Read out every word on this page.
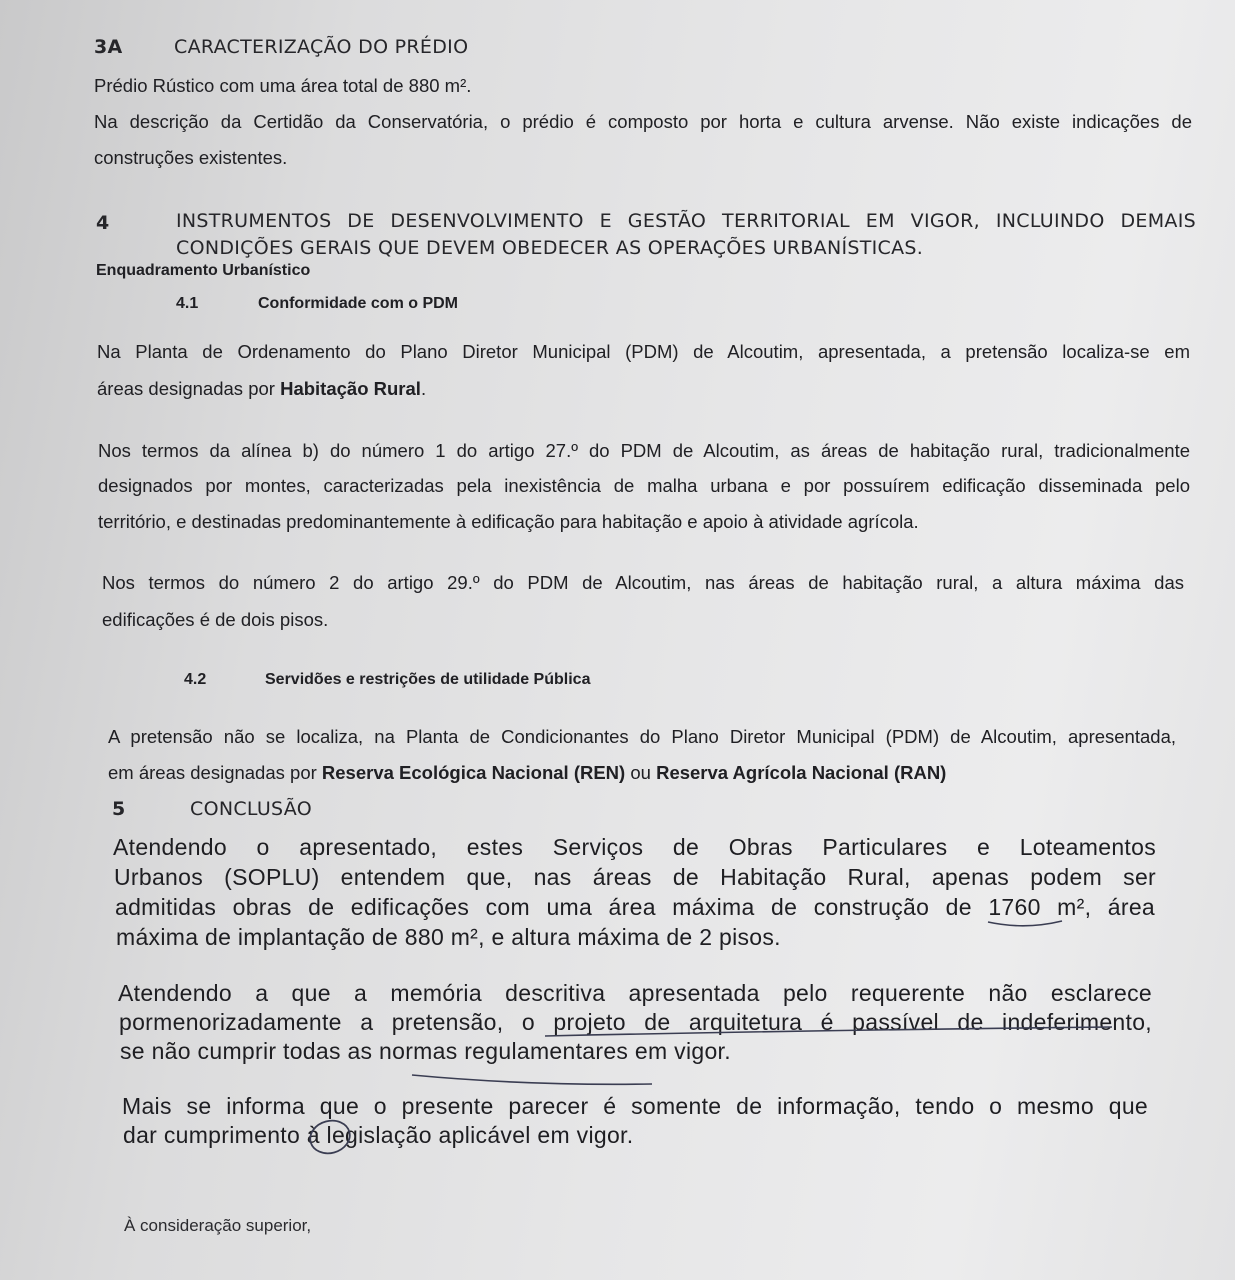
3A	CARACTERIZAÇÃO DO PRÉDIO
Prédio Rústico com uma área total de 880 m².
Na descrição da Certidão da Conservatória, o prédio é composto por horta e cultura arvense. Não existe indicações de
construções existentes.
4	INSTRUMENTOS DE DESENVOLVIMENTO E GESTÃO TERRITORIAL EM VIGOR, INCLUINDO DEMAIS
CONDIÇÕES GERAIS QUE DEVEM OBEDECER AS OPERAÇÕES URBANÍSTICAS.
Enquadramento Urbanístico
4.1	Conformidade com o PDM
Na Planta de Ordenamento do Plano Diretor Municipal (PDM) de Alcoutim, apresentada, a pretensão localiza-se em
áreas designadas por Habitação Rural.
Nos termos da alínea b) do número 1 do artigo 27.º do PDM de Alcoutim, as áreas de habitação rural, tradicionalmente
designados por montes, caracterizadas pela inexistência de malha urbana e por possuírem edificação disseminada pelo
território, e destinadas predominantemente à edificação para habitação e apoio à atividade agrícola.
Nos termos do número 2 do artigo 29.º do PDM de Alcoutim, nas áreas de habitação rural, a altura máxima das
edificações é de dois pisos.
4.2	Servidões e restrições de utilidade Pública
A pretensão não se localiza, na Planta de Condicionantes do Plano Diretor Municipal (PDM) de Alcoutim, apresentada,
em áreas designadas por Reserva Ecológica Nacional (REN) ou Reserva Agrícola Nacional (RAN)
5	CONCLUSÃO
Atendendo o apresentado, estes Serviços de Obras Particulares e Loteamentos
Urbanos (SOPLU) entendem que, nas áreas de Habitação Rural, apenas podem ser
admitidas obras de edificações com uma área máxima de construção de 1760 m², área
máxima de implantação de 880 m², e altura máxima de 2 pisos.
Atendendo a que a memória descritiva apresentada pelo requerente não esclarece
pormenorizadamente a pretensão, o projeto de arquitetura é passível de indeferimento,
se não cumprir todas as normas regulamentares em vigor.
Mais se informa que o presente parecer é somente de informação, tendo o mesmo que
dar cumprimento à legislação aplicável em vigor.
À consideração superior,
